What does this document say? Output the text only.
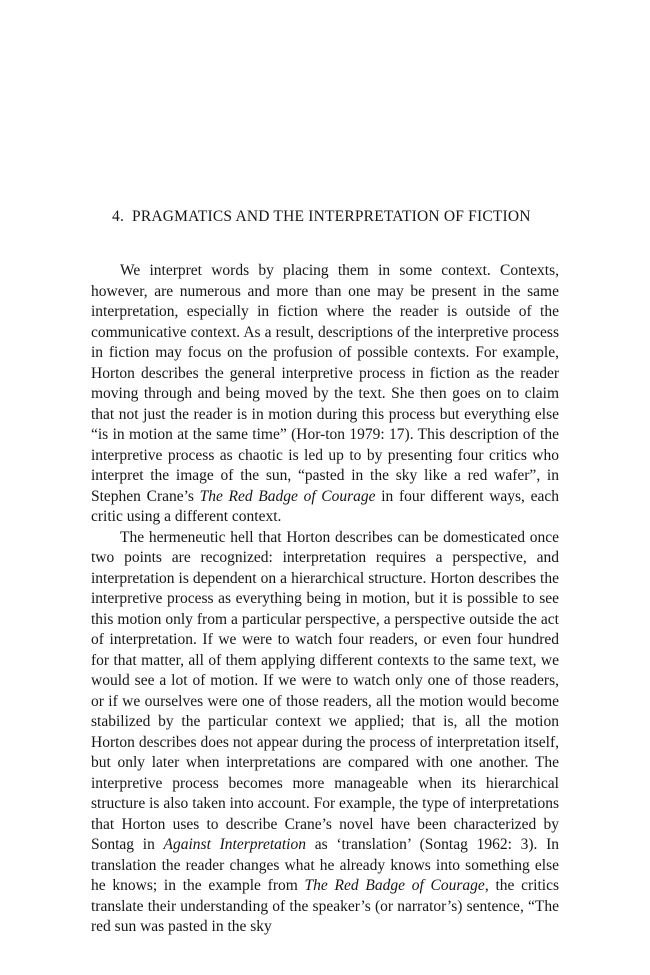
4. PRAGMATICS AND THE INTERPRETATION OF FICTION

We interpret words by placing them in some context. Contexts, however, are numerous and more than one may be present in the same interpretation, especially in fiction where the reader is outside of the communicative context. As a result, descriptions of the interpretive process in fiction may focus on the profusion of possible contexts. For example, Horton describes the general interpretive process in fiction as the reader moving through and being moved by the text. She then goes on to claim that not just the reader is in motion during this process but everything else “is in motion at the same time” (Hor-ton 1979: 17). This description of the interpretive process as chaotic is led up to by presenting four critics who interpret the image of the sun, “pasted in the sky like a red wafer”, in Stephen Crane’s The Red Badge of Courage in four different ways, each critic using a different context.

The hermeneutic hell that Horton describes can be domesticated once two points are recognized: interpretation requires a perspective, and interpretation is dependent on a hierarchical structure. Horton describes the interpretive process as everything being in motion, but it is possible to see this motion only from a particular perspective, a perspective outside the act of interpretation. If we were to watch four readers, or even four hundred for that matter, all of them applying different contexts to the same text, we would see a lot of motion. If we were to watch only one of those readers, or if we ourselves were one of those readers, all the motion would become stabilized by the particular context we applied; that is, all the motion Horton describes does not appear during the process of interpretation itself, but only later when interpretations are compared with one another. The interpretive process becomes more manageable when its hierarchical structure is also taken into account. For example, the type of interpretations that Horton uses to describe Crane’s novel have been characterized by Sontag in Against Interpretation as ‘translation’ (Sontag 1962: 3). In translation the reader changes what he already knows into something else he knows; in the example from The Red Badge of Courage, the critics translate their understanding of the speaker’s (or narrator’s) sentence, “The red sun was pasted in the sky
